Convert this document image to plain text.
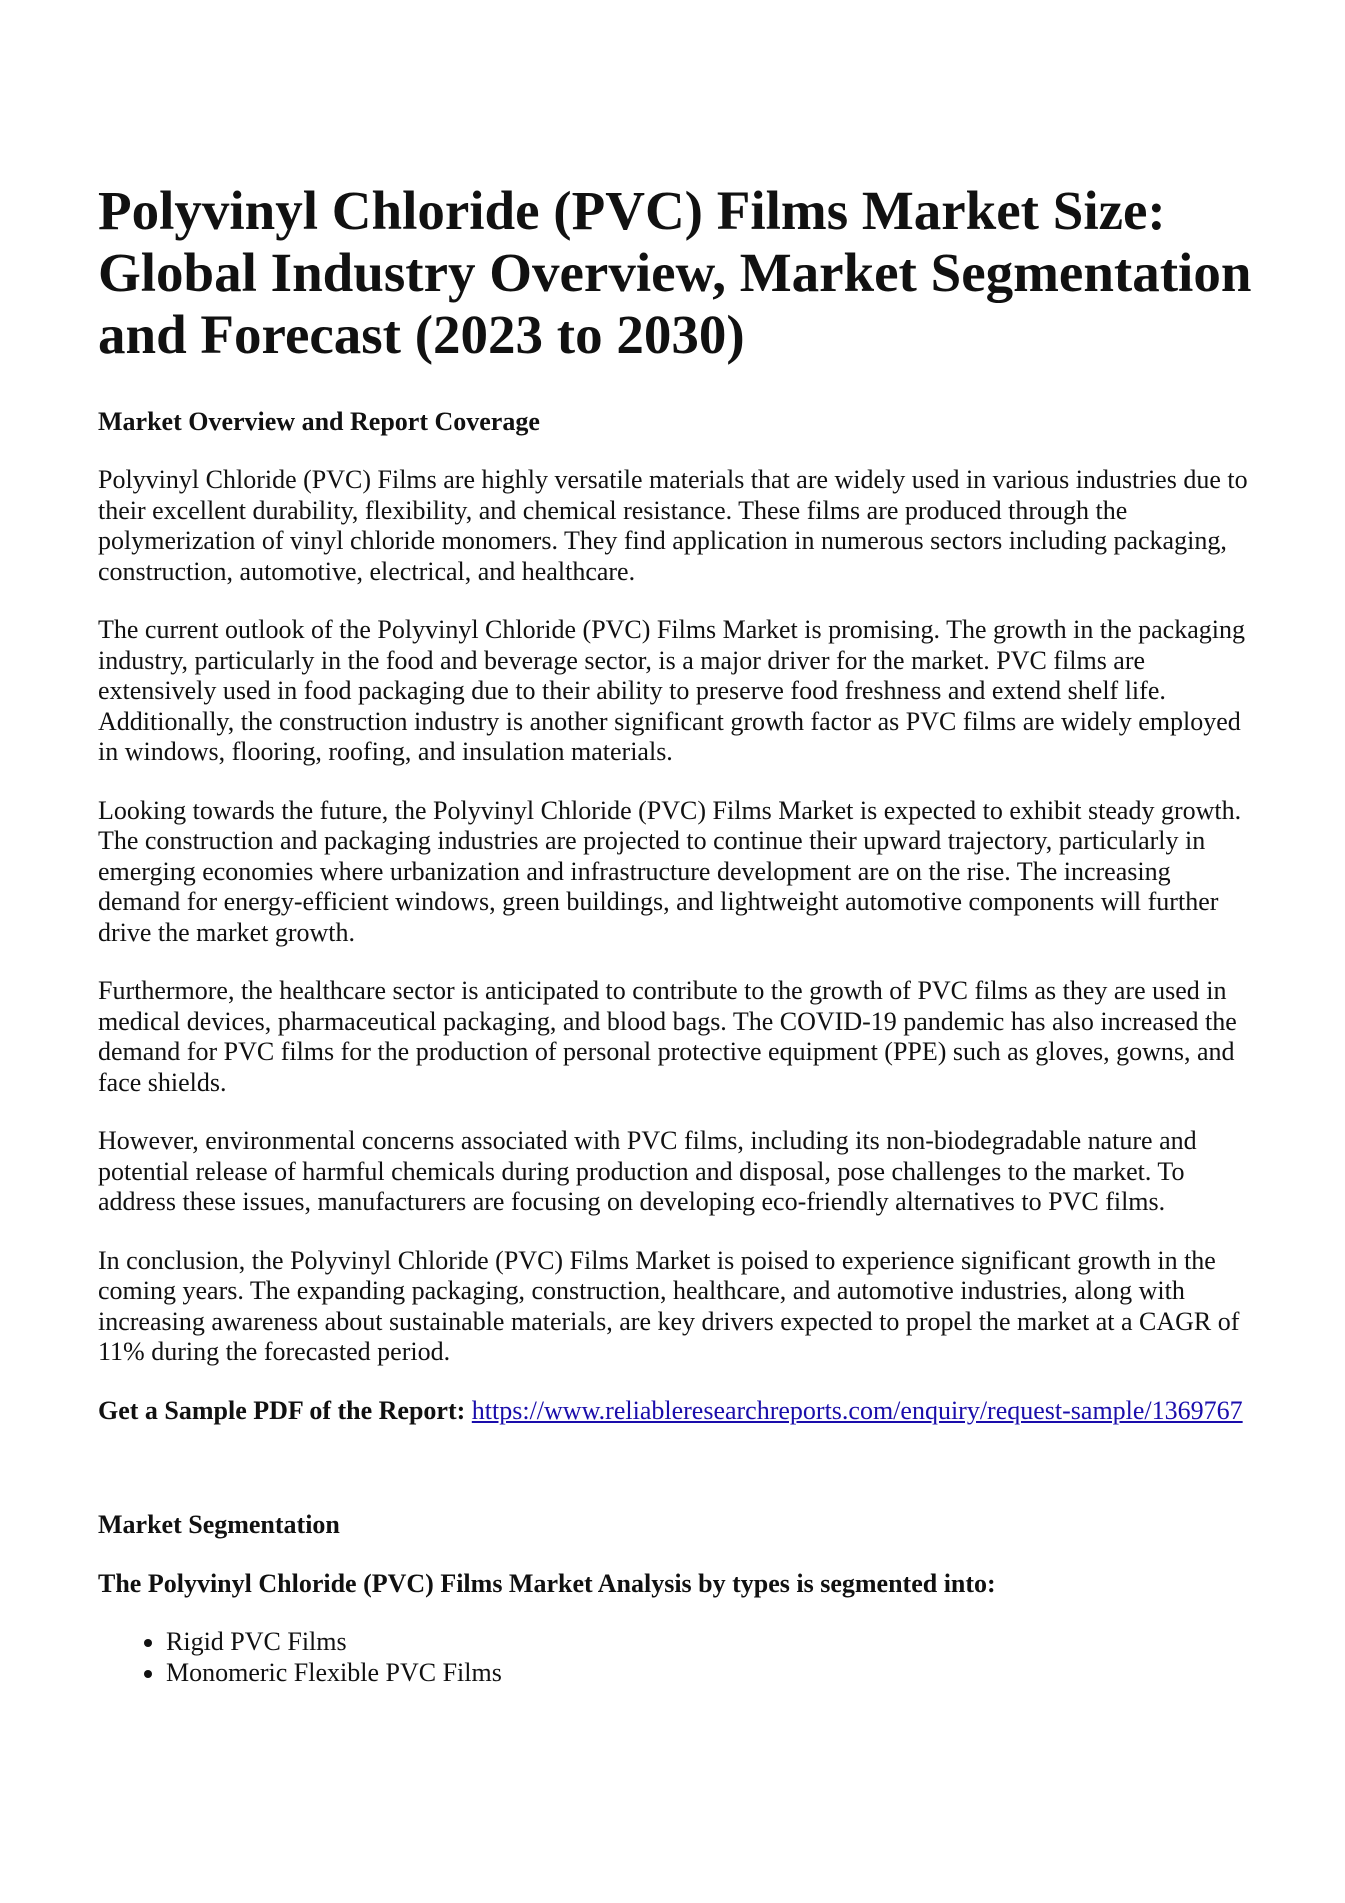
Polyvinyl Chloride (PVC) Films Market Size: Global Industry Overview, Market Segmentation and Forecast (2023 to 2030)
Market Overview and Report Coverage

Polyvinyl Chloride (PVC) Films are highly versatile materials that are widely used in various industries due to their excellent durability, flexibility, and chemical resistance. These films are produced through the polymerization of vinyl chloride monomers. They find application in numerous sectors including packaging, construction, automotive, electrical, and healthcare.

The current outlook of the Polyvinyl Chloride (PVC) Films Market is promising. The growth in the packaging industry, particularly in the food and beverage sector, is a major driver for the market. PVC films are extensively used in food packaging due to their ability to preserve food freshness and extend shelf life. Additionally, the construction industry is another significant growth factor as PVC films are widely employed in windows, flooring, roofing, and insulation materials.

Looking towards the future, the Polyvinyl Chloride (PVC) Films Market is expected to exhibit steady growth. The construction and packaging industries are projected to continue their upward trajectory, particularly in emerging economies where urbanization and infrastructure development are on the rise. The increasing demand for energy-efficient windows, green buildings, and lightweight automotive components will further drive the market growth.

Furthermore, the healthcare sector is anticipated to contribute to the growth of PVC films as they are used in medical devices, pharmaceutical packaging, and blood bags. The COVID-19 pandemic has also increased the demand for PVC films for the production of personal protective equipment (PPE) such as gloves, gowns, and face shields.

However, environmental concerns associated with PVC films, including its non-biodegradable nature and potential release of harmful chemicals during production and disposal, pose challenges to the market. To address these issues, manufacturers are focusing on developing eco-friendly alternatives to PVC films.

In conclusion, the Polyvinyl Chloride (PVC) Films Market is poised to experience significant growth in the coming years. The expanding packaging, construction, healthcare, and automotive industries, along with increasing awareness about sustainable materials, are key drivers expected to propel the market at a CAGR of 11% during the forecasted period.

Get a Sample PDF of the Report: https://www.reliableresearchreports.com/enquiry/request-sample/1369767

Market Segmentation
The Polyvinyl Chloride (PVC) Films Market Analysis by types is segmented into:
• Rigid PVC Films
• Monomeric Flexible PVC Films
